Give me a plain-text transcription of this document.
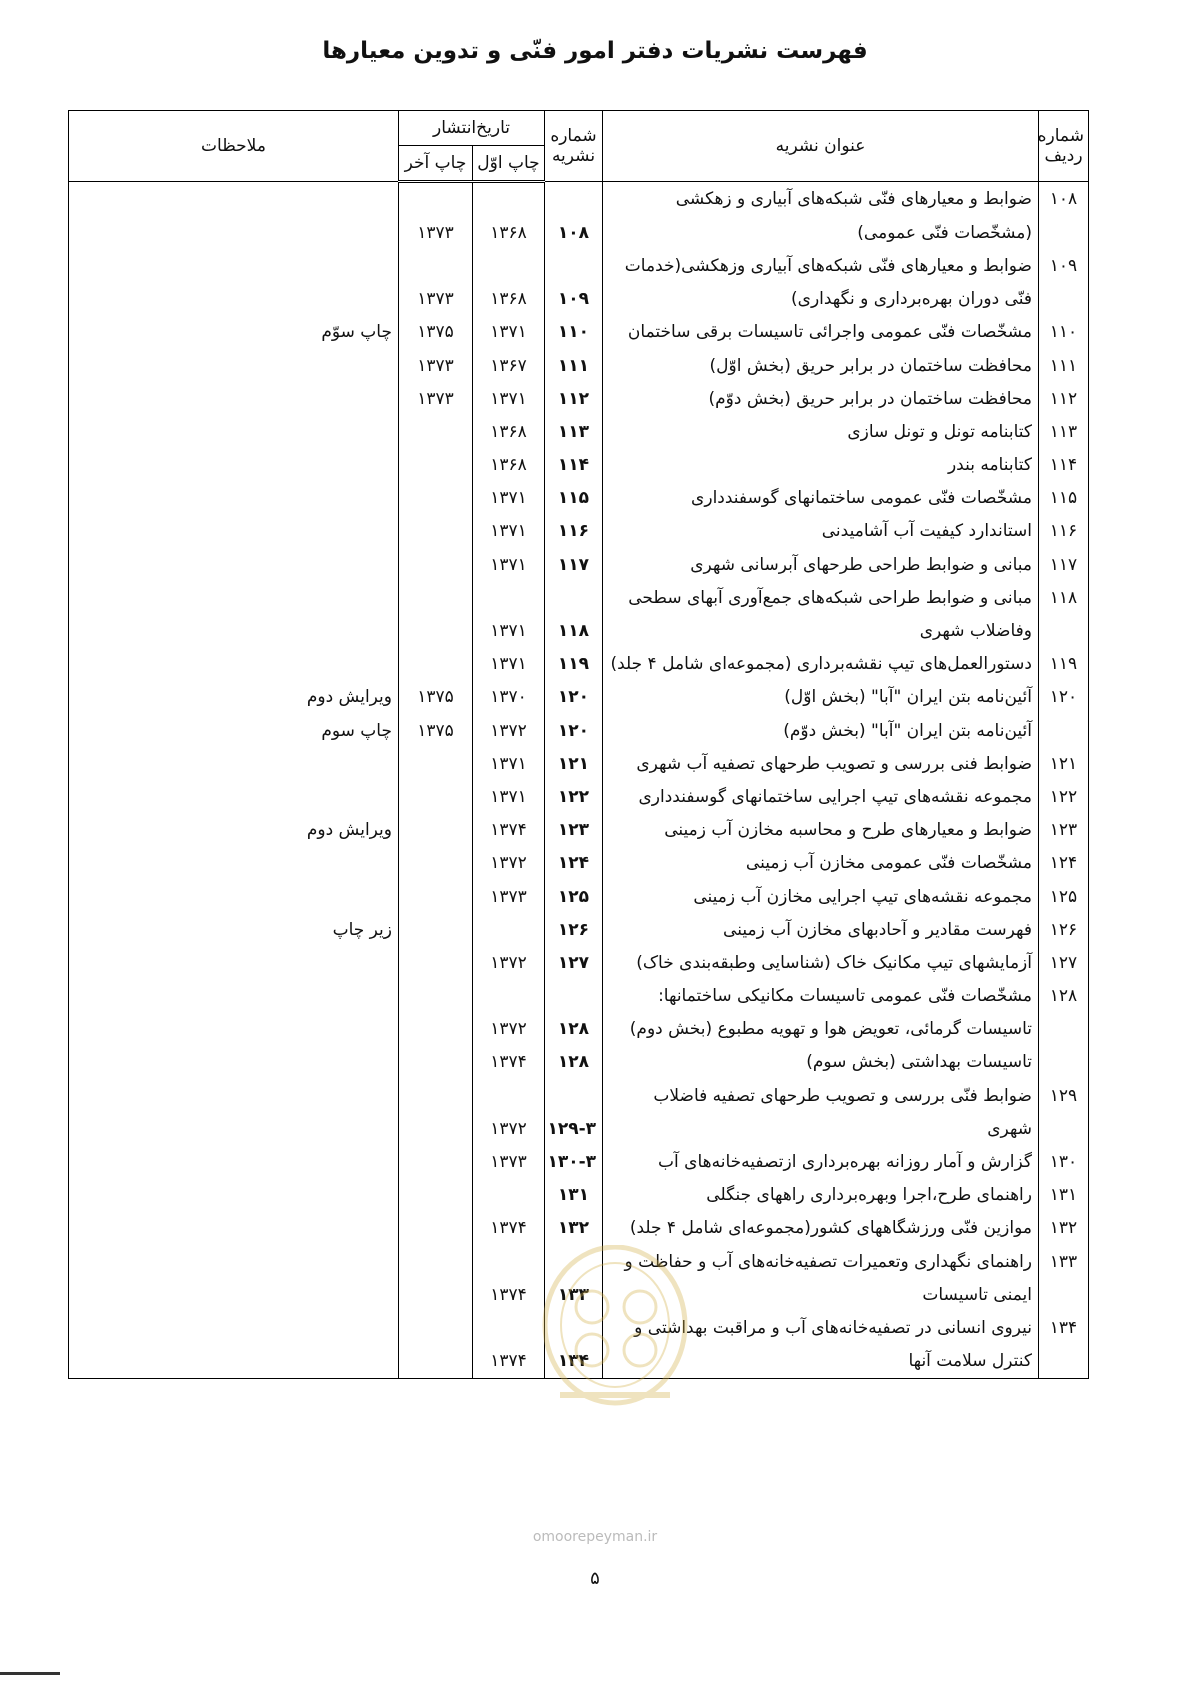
فهرست نشریات دفتر امور فنّی و تدوین معیارها
شماره
ردیف	عنوان نشریه	شماره
نشریه	تاریخ‌انتشار		ملاحظات
			چاپ اوّل	چاپ آخر	
۱۰۸	ضوابط و معیارهای فنّی شبکه‌های آبیاری و زهکشی				
	(مشخّصات فنّی عمومی)	۱۰۸	۱۳۶۸	۱۳۷۳	
۱۰۹	ضوابط و معیارهای فنّی شبکه‌های آبیاری وزهکشی(خدمات				
	فنّی دوران بهره‌برداری و نگهداری)	۱۰۹	۱۳۶۸	۱۳۷۳	
۱۱۰	مشخّصات فنّی عمومی واجرائی تاسیسات برقی ساختمان	۱۱۰	۱۳۷۱	۱۳۷۵	چاپ سوّم
۱۱۱	محافظت ساختمان در برابر حریق (بخش اوّل)	۱۱۱	۱۳۶۷	۱۳۷۳	
۱۱۲	محافظت ساختمان در برابر حریق (بخش دوّم)	۱۱۲	۱۳۷۱	۱۳۷۳	
۱۱۳	کتابنامه تونل و تونل سازی	۱۱۳	۱۳۶۸		
۱۱۴	کتابنامه بندر	۱۱۴	۱۳۶۸		
۱۱۵	مشخّصات فنّی عمومی ساختمانهای گوسفندداری	۱۱۵	۱۳۷۱		
۱۱۶	استاندارد کیفیت آب آشامیدنی	۱۱۶	۱۳۷۱		
۱۱۷	مبانی و ضوابط طراحی طرحهای آبرسانی شهری	۱۱۷	۱۳۷۱		
۱۱۸	مبانی و ضوابط طراحی شبکه‌های جمع‌آوری آبهای سطحی				
	وفاضلاب شهری	۱۱۸	۱۳۷۱		
۱۱۹	دستورالعمل‌های تیپ نقشه‌برداری (مجموعه‌ای شامل ۴ جلد)	۱۱۹	۱۳۷۱		
۱۲۰	آئین‌نامه بتن ایران "آبا" (بخش اوّل)	۱۲۰	۱۳۷۰	۱۳۷۵	ویرایش دوم
	آئین‌نامه بتن ایران "آبا" (بخش دوّم)	۱۲۰	۱۳۷۲	۱۳۷۵	چاپ سوم
۱۲۱	ضوابط فنی بررسی و تصویب طرحهای تصفیه آب شهری	۱۲۱	۱۳۷۱		
۱۲۲	مجموعه نقشه‌های تیپ اجرایی ساختمانهای گوسفندداری	۱۲۲	۱۳۷۱		
۱۲۳	ضوابط و معیارهای طرح و محاسبه مخازن آب زمینی	۱۲۳	۱۳۷۴		ویرایش دوم
۱۲۴	مشخّصات فنّی عمومی مخازن آب زمینی	۱۲۴	۱۳۷۲		
۱۲۵	مجموعه نقشه‌های تیپ اجرایی مخازن آب زمینی	۱۲۵	۱۳۷۳		
۱۲۶	فهرست مقادیر و آحادبهای مخازن آب زمینی	۱۲۶			زیر چاپ
۱۲۷	آزمایشهای تیپ مکانیک خاک (شناسایی وطبقه‌بندی خاک)	۱۲۷	۱۳۷۲		
۱۲۸	مشخّصات فنّی عمومی تاسیسات مکانیکی ساختمانها:				
	تاسیسات گرمائی، تعویض هوا و تهویه مطبوع (بخش دوم)	۱۲۸	۱۳۷۲		
	تاسیسات بهداشتی (بخش سوم)	۱۲۸	۱۳۷۴		
۱۲۹	ضوابط فنّی بررسی و تصویب طرحهای تصفیه فاضلاب				
	شهری	۱۲۹-۳	۱۳۷۲		
۱۳۰	گزارش و آمار روزانه بهره‌برداری ازتصفیه‌خانه‌های آب	۱۳۰-۳	۱۳۷۳		
۱۳۱	راهنمای طرح،اجرا وبهره‌برداری راههای جنگلی	۱۳۱			
۱۳۲	موازین فنّی ورزشگاههای کشور(مجموعه‌ای شامل ۴ جلد)	۱۳۲	۱۳۷۴		
۱۳۳	راهنمای نگهداری وتعمیرات تصفیه‌خانه‌های آب و حفاظت و				
	ایمنی تاسیسات	۱۳۳	۱۳۷۴		
۱۳۴	نیروی انسانی در تصفیه‌خانه‌های آب و مراقبت بهداشتی و				
	کنترل سلامت آنها	۱۳۴	۱۳۷۴		
omoorepeyman.ir
۵
